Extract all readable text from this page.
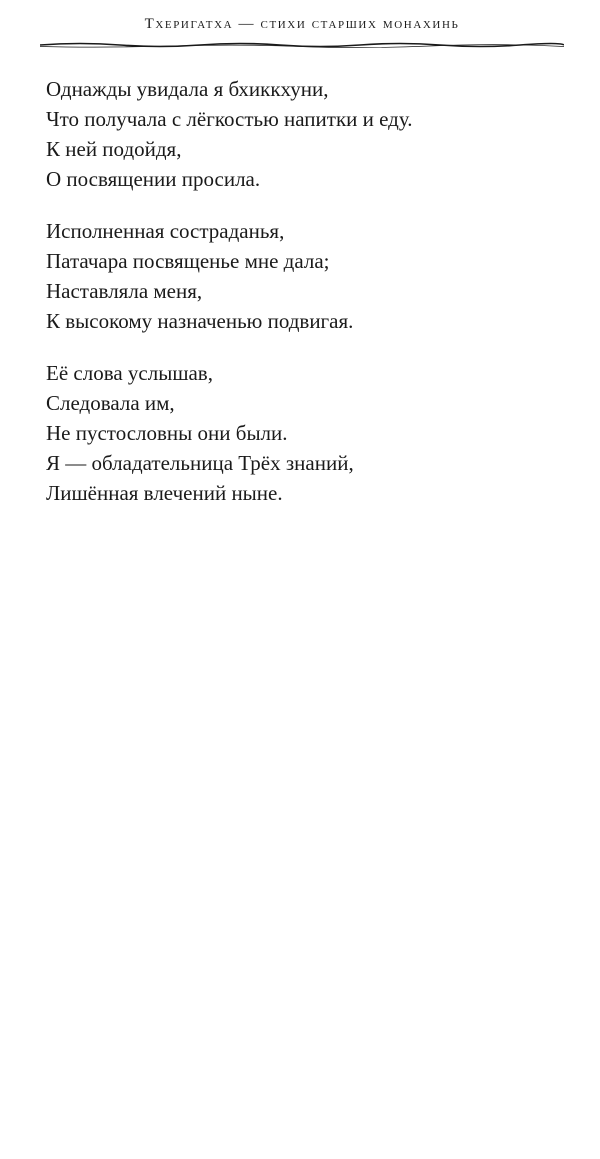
Тхеригатха — стихи старших монахинь
Однажды увидала я бхиккхуни,
Что получала с лёгкостью напитки и еду.
К ней подойдя,
О посвящении просила.
Исполненная состраданья,
Патачара посвященье мне дала;
Наставляла меня,
К высокому назначенью подвигая.
Её слова услышав,
Следовала им,
Не пустословны они были.
Я — обладательница Трёх знаний,
Лишённая влечений ныне.
